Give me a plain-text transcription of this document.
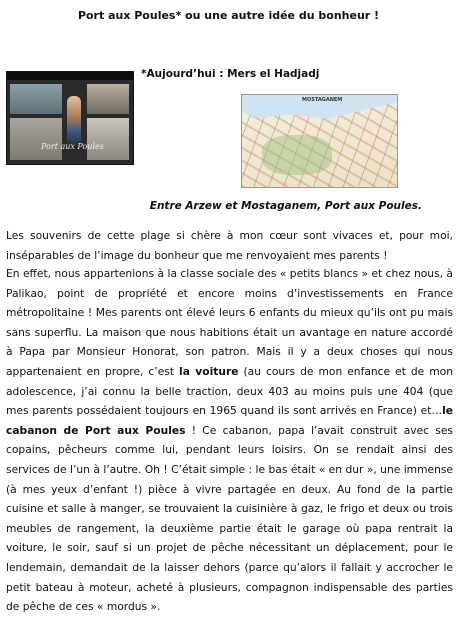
Port aux Poules* ou une autre idée du bonheur !
Port aux Poules
*Aujourd’hui : Mers el Hadjadj
MOSTAGANEM
Entre Arzew et Mostaganem, Port aux Poules.

Les souvenirs de cette plage si chère à mon cœur sont vivaces et, pour moi, inséparables de l’image du bonheur que me renvoyaient mes parents !

En effet, nous appartenions à la classe sociale des « petits blancs » et chez nous, à Palikao, point de propriété et encore moins d’investissements en France métropolitaine ! Mes parents ont élevé leurs 6 enfants du mieux qu’ils ont pu mais sans superflu. La maison que nous habitions était un avantage en nature accordé à Papa par Monsieur Honorat, son patron. Mais il y a deux choses qui nous appartenaient en propre, c’est la voiture (au cours de mon enfance et de mon adolescence, j’ai connu la belle traction, deux 403 au moins puis une 404 (que mes parents possédaient toujours en 1965 quand ils sont arrivés en France) et…le cabanon de Port aux Poules ! Ce cabanon, papa l’avait construit avec ses copains, pêcheurs comme lui, pendant leurs loisirs. On se rendait ainsi des services de l’un à l’autre. Oh ! C’était simple : le bas était « en dur », une immense (à mes yeux d’enfant !) pièce à vivre partagée en deux. Au fond de la partie cuisine et salle à manger, se trouvaient la cuisinière à gaz, le frigo et deux ou trois meubles de rangement, la deuxième partie était le garage où papa rentrait la voiture, le soir, sauf si un projet de pêche nécessitant un déplacement, pour le lendemain, demandait de la laisser dehors (parce qu’alors il fallait y accrocher le petit bateau à moteur, acheté à plusieurs, compagnon indispensable des parties de pêche de ces « mordus ».
